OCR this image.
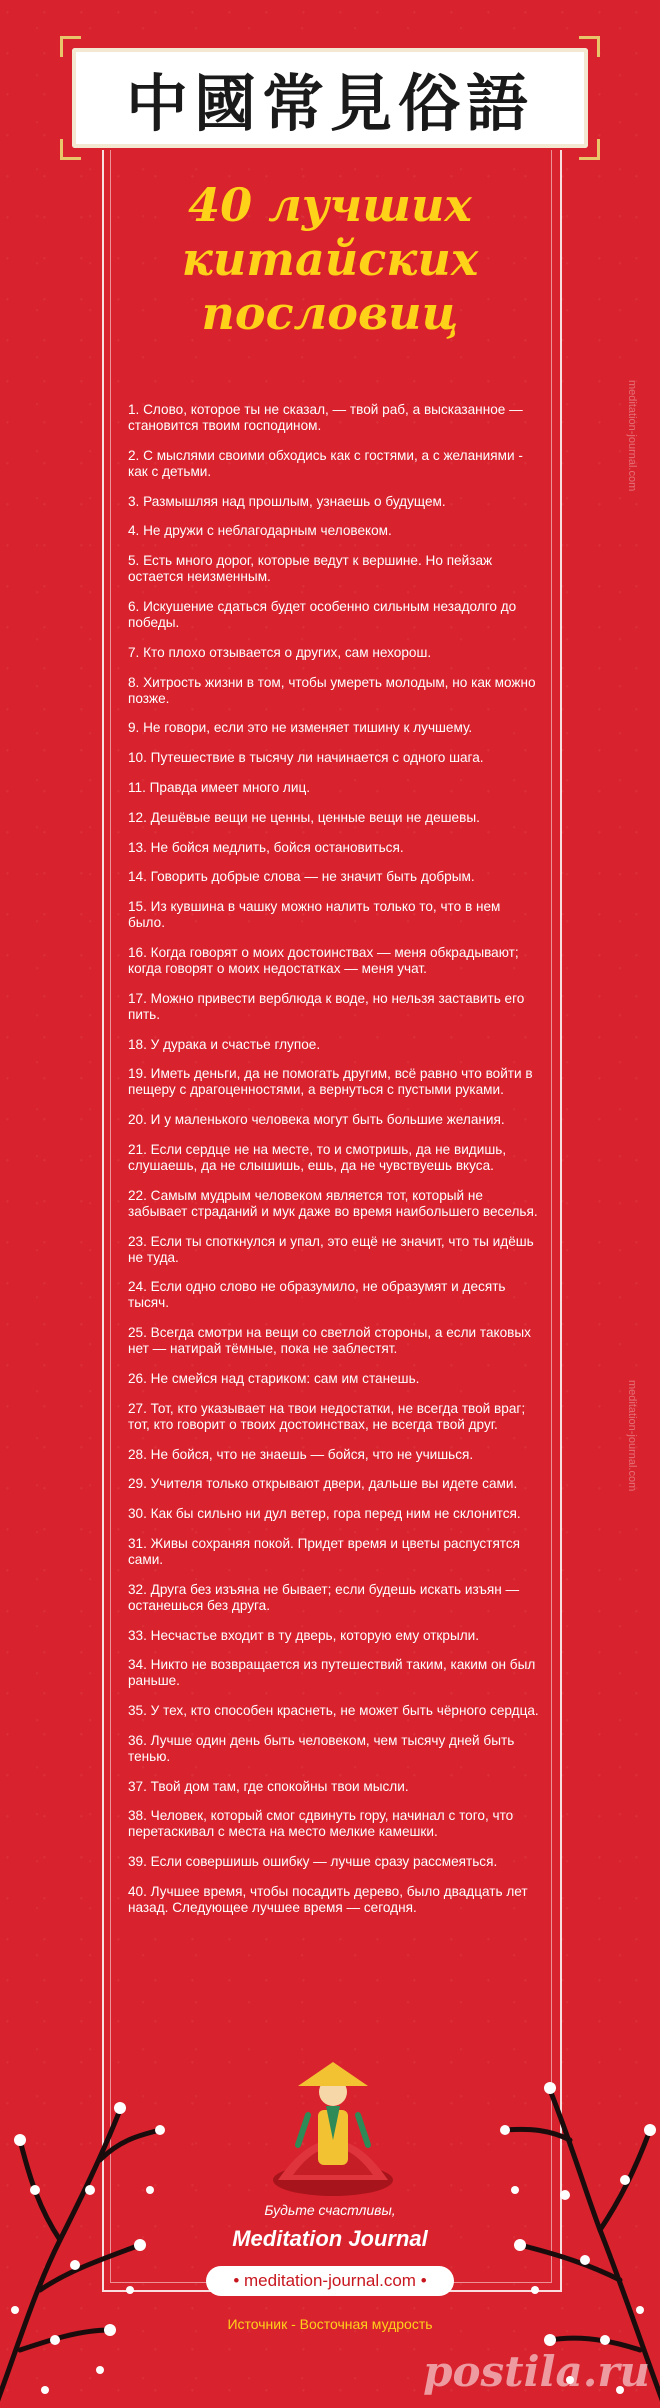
中國常見俗語
40 лучших
китайских
пословиц
1. Слово, которое ты не сказал, — твой раб, а высказанное — становится твоим господином.
2. С мыслями своими обходись как с гостями, а с желаниями - как с детьми.
3. Размышляя над прошлым, узнаешь о будущем.
4. Не дружи с неблагодарным человеком.
5. Есть много дорог, которые ведут к вершине. Но пейзаж остается неизменным.
6. Искушение сдаться будет особенно сильным незадолго до победы.
7. Кто плохо отзывается о других, сам нехорош.
8. Хитрость жизни в том, чтобы умереть молодым, но как можно позже.
9. Не говори, если это не изменяет тишину к лучшему.
10. Путешествие в тысячу ли начинается с одного шага.
11. Правда имеет много лиц.
12. Дешёвые вещи не ценны, ценные вещи не дешевы.
13. Не бойся медлить, бойся остановиться.
14. Говорить добрые слова — не значит быть добрым.
15. Из кувшина в чашку можно налить только то, что в нем было.
16. Когда говорят о моих достоинствах — меня обкрадывают; когда говорят о моих недостатках — меня учат.
17. Можно привести верблюда к воде, но нельзя заставить его пить.
18. У дурака и счастье глупое.
19. Иметь деньги, да не помогать другим, всё равно что войти в пещеру с драгоценностями, а вернуться с пустыми руками.
20. И у маленького человека могут быть большие желания.
21. Если сердце не на месте, то и смотришь, да не видишь, слушаешь, да не слышишь, ешь, да не чувствуешь вкуса.
22. Самым мудрым человеком является тот, который не забывает страданий и мук даже во время наибольшего веселья.
23. Если ты споткнулся и упал, это ещё не значит, что ты идёшь не туда.
24. Если одно слово не образумило, не образумят и десять тысяч.
25. Всегда смотри на вещи со светлой стороны, а если таковых нет — натирай тёмные, пока не заблестят.
26. Не смейся над стариком: сам им станешь.
27. Тот, кто указывает на твои недостатки, не всегда твой враг; тот, кто говорит о твоих достоинствах, не всегда твой друг.
28. Не бойся, что не знаешь — бойся, что не учишься.
29. Учителя только открывают двери, дальше вы идете сами.
30. Как бы сильно ни дул ветер, гора перед ним не склонится.
31. Живы сохраняя покой. Придет время и цветы распустятся сами.
32. Друга без изъяна не бывает; если будешь искать изъян — останешься без друга.
33. Несчастье входит в ту дверь, которую ему открыли.
34. Никто не возвращается из путешествий таким, каким он был раньше.
35. У тех, кто способен краснеть, не может быть чёрного сердца.
36. Лучше один день быть человеком, чем тысячу дней быть тенью.
37. Твой дом там, где спокойны твои мысли.
38. Человек, который смог сдвинуть гору, начинал с того, что перетаскивал с места на место мелкие камешки.
39. Если совершишь ошибку — лучше сразу рассмеяться.
40. Лучшее время, чтобы посадить дерево, было двадцать лет назад. Следующее лучшее время — сегодня.
meditation-journal.com
meditation-journal.com
Будьте счастливы,
Meditation Journal
• meditation-journal.com •
Источник - Восточная мудрость
postila.ru
